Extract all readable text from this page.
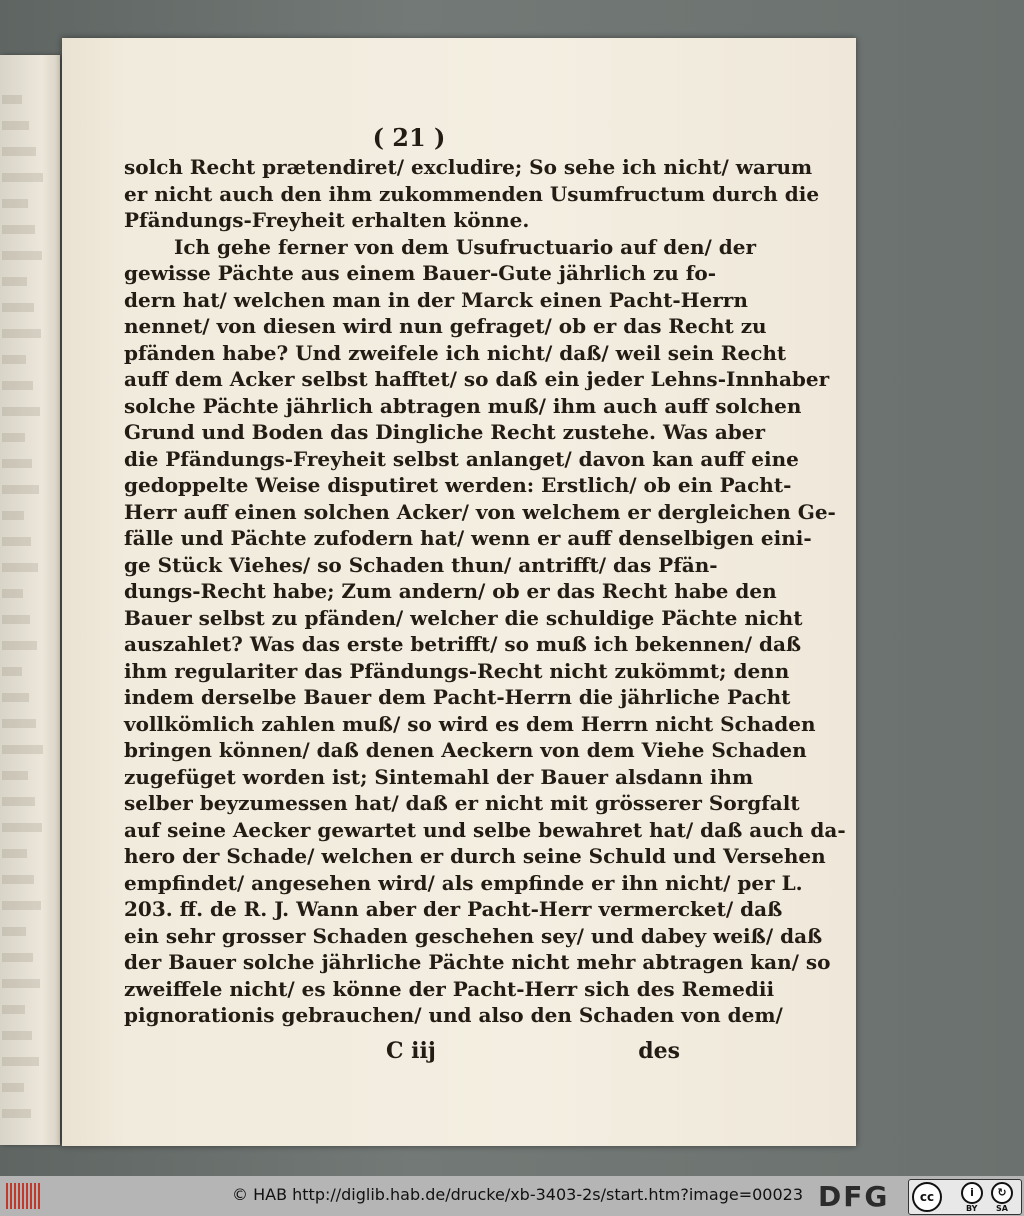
( 21 )
solch Recht prætendiret/ excludire; So sehe ich nicht/ warum
er nicht auch den ihm zukommenden Usumfructum durch die
Pfändungs-Freyheit erhalten könne.
Ich gehe ferner von dem Usufructuario auf den/ der
gewisse Pächte aus einem Bauer-Gute jährlich zu fo-
dern hat/ welchen man in der Marck einen Pacht-Herrn
nennet/ von diesen wird nun gefraget/ ob er das Recht zu
pfänden habe? Und zweifele ich nicht/ daß/ weil sein Recht
auff dem Acker selbst hafftet/ so daß ein jeder Lehns-Innhaber
solche Pächte jährlich abtragen muß/ ihm auch auff solchen
Grund und Boden das Dingliche Recht zustehe. Was aber
die Pfändungs-Freyheit selbst anlanget/ davon kan auff eine
gedoppelte Weise disputiret werden: Erstlich/ ob ein Pacht-
Herr auff einen solchen Acker/ von welchem er dergleichen Ge-
fälle und Pächte zufodern hat/ wenn er auff denselbigen eini-
ge Stück Viehes/ so Schaden thun/ antrifft/ das Pfän-
dungs-Recht habe; Zum andern/ ob er das Recht habe den
Bauer selbst zu pfänden/ welcher die schuldige Pächte nicht
auszahlet? Was das erste betrifft/ so muß ich bekennen/ daß
ihm regulariter das Pfändungs-Recht nicht zukömmt; denn
indem derselbe Bauer dem Pacht-Herrn die jährliche Pacht
vollkömlich zahlen muß/ so wird es dem Herrn nicht Schaden
bringen können/ daß denen Aeckern von dem Viehe Schaden
zugefüget worden ist; Sintemahl der Bauer alsdann ihm
selber beyzumessen hat/ daß er nicht mit grösserer Sorgfalt
auf seine Aecker gewartet und selbe bewahret hat/ daß auch da-
hero der Schade/ welchen er durch seine Schuld und Versehen
empfindet/ angesehen wird/ als empfinde er ihn nicht/ per L.
203. ff. de R. J. Wann aber der Pacht-Herr vermercket/ daß
ein sehr grosser Schaden geschehen sey/ und dabey weiß/ daß
der Bauer solche jährliche Pächte nicht mehr abtragen kan/ so
zweiffele nicht/ es könne der Pacht-Herr sich des Remedii
pignorationis gebrauchen/ und also den Schaden von dem/
C iij	des
© HAB http://diglib.hab.de/drucke/xb-3403-2s/start.htm?image=00023 DFG	cc	i
BY
↻
SA
